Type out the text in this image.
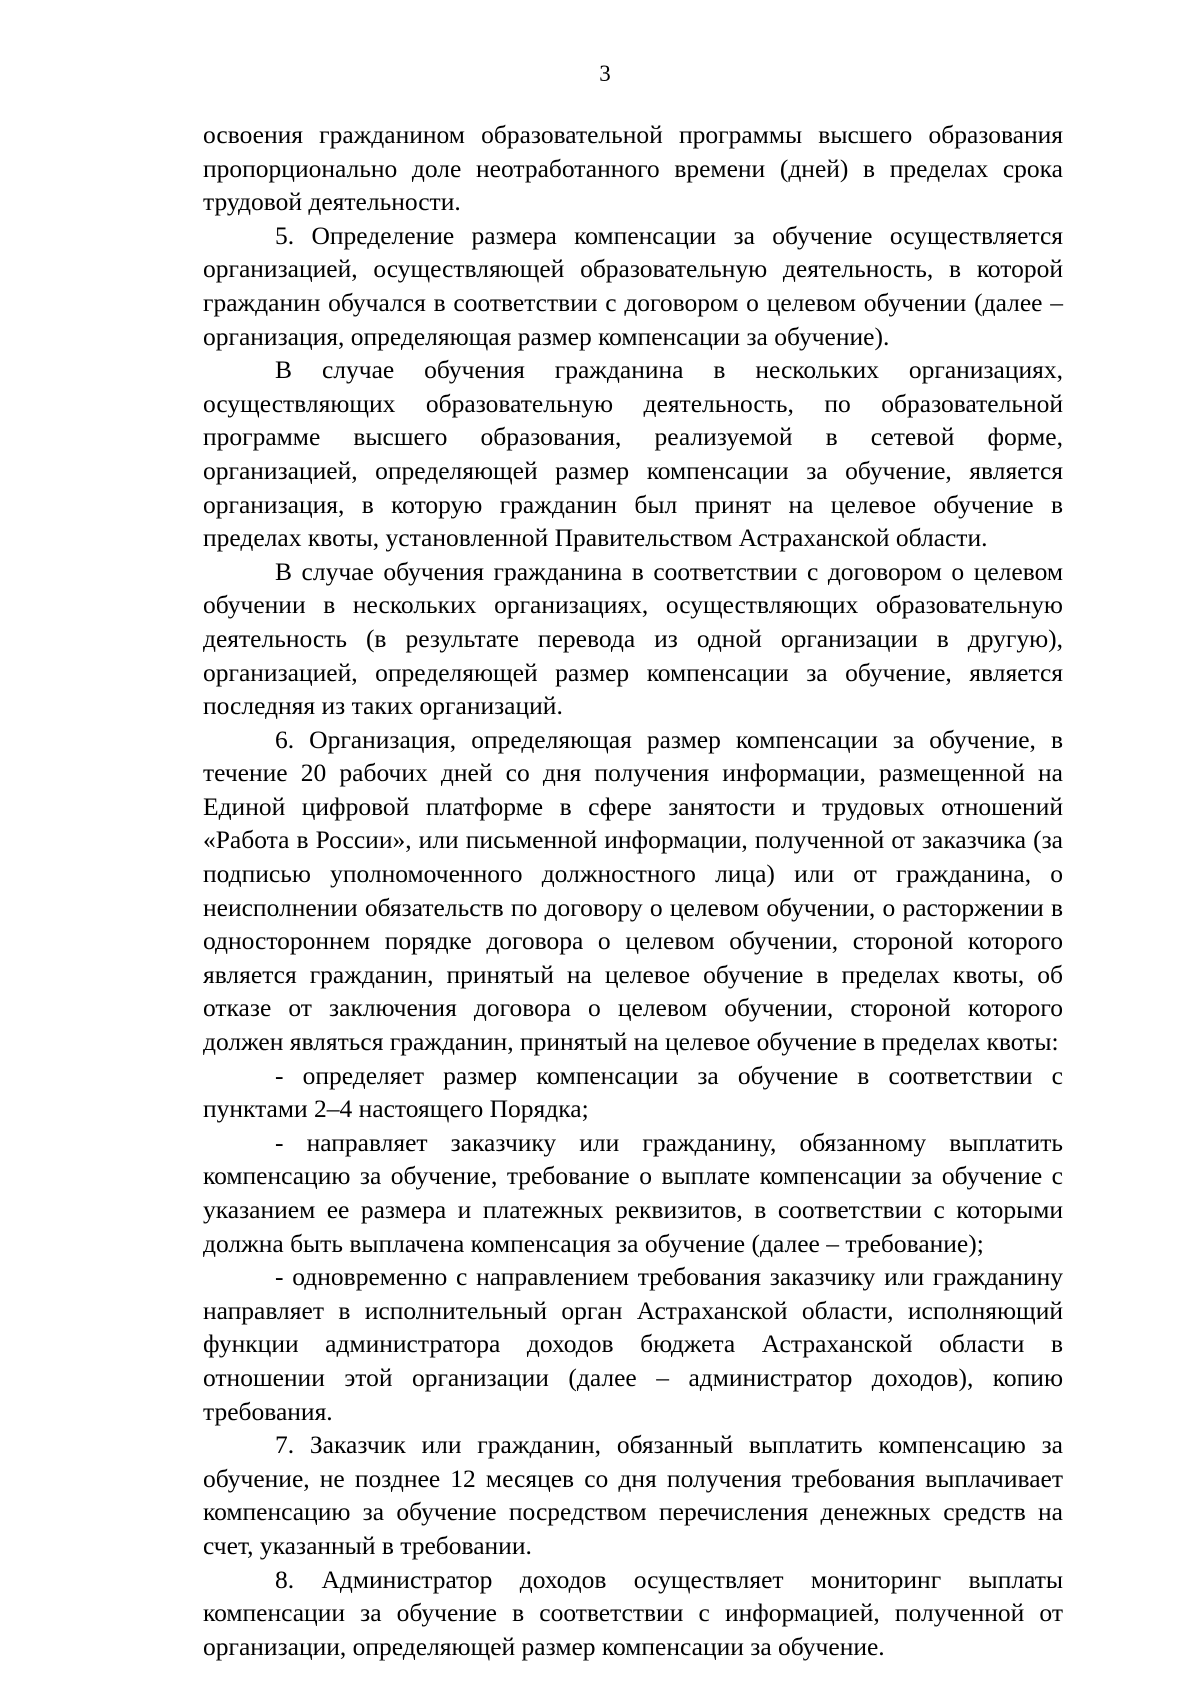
3

освоения гражданином образовательной программы высшего образования пропорционально доле неотработанного времени (дней) в пределах срока трудовой деятельности.

5. Определение размера компенсации за обучение осуществляется организацией, осуществляющей образовательную деятельность, в которой гражданин обучался в соответствии с договором о целевом обучении (далее – организация, определяющая размер компенсации за обучение).

В случае обучения гражданина в нескольких организациях, осуществляющих образовательную деятельность, по образовательной программе высшего образования, реализуемой в сетевой форме, организацией, определяющей размер компенсации за обучение, является организация, в которую гражданин был принят на целевое обучение в пределах квоты, установленной Правительством Астраханской области.

В случае обучения гражданина в соответствии с договором о целевом обучении в нескольких организациях, осуществляющих образовательную деятельность (в результате перевода из одной организации в другую), организацией, определяющей размер компенсации за обучение, является последняя из таких организаций.

6. Организация, определяющая размер компенсации за обучение, в течение 20 рабочих дней со дня получения информации, размещенной на Единой цифровой платформе в сфере занятости и трудовых отношений «Работа в России», или письменной информации, полученной от заказчика (за подписью уполномоченного должностного лица) или от гражданина, о неисполнении обязательств по договору о целевом обучении, о расторжении в одностороннем порядке договора о целевом обучении, стороной которого является гражданин, принятый на целевое обучение в пределах квоты, об отказе от заключения договора о целевом обучении, стороной которого должен являться гражданин, принятый на целевое обучение в пределах квоты:

- определяет размер компенсации за обучение в соответствии с пунктами 2–4 настоящего Порядка;

- направляет заказчику или гражданину, обязанному выплатить компенсацию за обучение, требование о выплате компенсации за обучение с указанием ее размера и платежных реквизитов, в соответствии с которыми должна быть выплачена компенсация за обучение (далее – требование);

- одновременно с направлением требования заказчику или гражданину направляет в исполнительный орган Астраханской области, исполняющий функции администратора доходов бюджета Астраханской области в отношении этой организации (далее – администратор доходов), копию требования.

7. Заказчик или гражданин, обязанный выплатить компенсацию за обучение, не позднее 12 месяцев со дня получения требования выплачивает компенсацию за обучение посредством перечисления денежных средств на счет, указанный в требовании.

8. Администратор доходов осуществляет мониторинг выплаты компенсации за обучение в соответствии с информацией, полученной от организации, определяющей размер компенсации за обучение.
